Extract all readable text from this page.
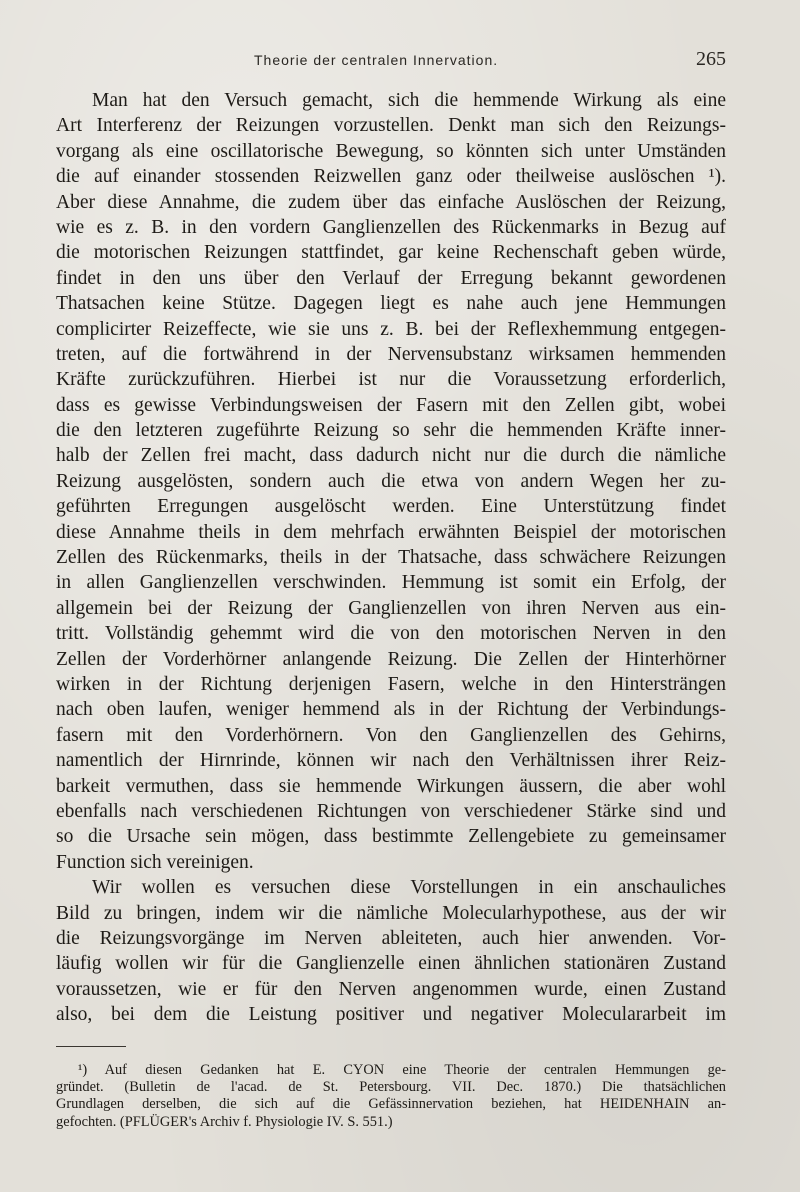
Theorie der centralen Innervation.	265

Man hat den Versuch gemacht, sich die hemmende Wirkung als eine
Art Interferenz der Reizungen vorzustellen. Denkt man sich den Reizungs-
vorgang als eine oscillatorische Bewegung, so könnten sich unter Umständen
die auf einander stossenden Reizwellen ganz oder theilweise auslöschen ¹).
Aber diese Annahme, die zudem über das einfache Auslöschen der Reizung,
wie es z. B. in den vordern Ganglienzellen des Rückenmarks in Bezug auf
die motorischen Reizungen stattfindet, gar keine Rechenschaft geben würde,
findet in den uns über den Verlauf der Erregung bekannt gewordenen
Thatsachen keine Stütze. Dagegen liegt es nahe auch jene Hemmungen
complicirter Reizeffecte, wie sie uns z. B. bei der Reflexhemmung entgegen-
treten, auf die fortwährend in der Nervensubstanz wirksamen hemmenden
Kräfte zurückzuführen. Hierbei ist nur die Voraussetzung erforderlich,
dass es gewisse Verbindungsweisen der Fasern mit den Zellen gibt, wobei
die den letzteren zugeführte Reizung so sehr die hemmenden Kräfte inner-
halb der Zellen frei macht, dass dadurch nicht nur die durch die nämliche
Reizung ausgelösten, sondern auch die etwa von andern Wegen her zu-
geführten Erregungen ausgelöscht werden. Eine Unterstützung findet
diese Annahme theils in dem mehrfach erwähnten Beispiel der motorischen
Zellen des Rückenmarks, theils in der Thatsache, dass schwächere Reizungen
in allen Ganglienzellen verschwinden. Hemmung ist somit ein Erfolg, der
allgemein bei der Reizung der Ganglienzellen von ihren Nerven aus ein-
tritt. Vollständig gehemmt wird die von den motorischen Nerven in den
Zellen der Vorderhörner anlangende Reizung. Die Zellen der Hinterhörner
wirken in der Richtung derjenigen Fasern, welche in den Hintersträngen
nach oben laufen, weniger hemmend als in der Richtung der Verbindungs-
fasern mit den Vorderhörnern. Von den Ganglienzellen des Gehirns,
namentlich der Hirnrinde, können wir nach den Verhältnissen ihrer Reiz-
barkeit vermuthen, dass sie hemmende Wirkungen äussern, die aber wohl
ebenfalls nach verschiedenen Richtungen von verschiedener Stärke sind und
so die Ursache sein mögen, dass bestimmte Zellengebiete zu gemeinsamer
Function sich vereinigen.

Wir wollen es versuchen diese Vorstellungen in ein anschauliches
Bild zu bringen, indem wir die nämliche Molecularhypothese, aus der wir
die Reizungsvorgänge im Nerven ableiteten, auch hier anwenden. Vor-
läufig wollen wir für die Ganglienzelle einen ähnlichen stationären Zustand
voraussetzen, wie er für den Nerven angenommen wurde, einen Zustand
also, bei dem die Leistung positiver und negativer Moleculararbeit im

¹) Auf diesen Gedanken hat E. CYON eine Theorie der centralen Hemmungen ge-
gründet. (Bulletin de l'acad. de St. Petersbourg. VII. Dec. 1870.) Die thatsächlichen
Grundlagen derselben, die sich auf die Gefässinnervation beziehen, hat HEIDENHAIN an-
gefochten. (PFLÜGER's Archiv f. Physiologie IV. S. 551.)
